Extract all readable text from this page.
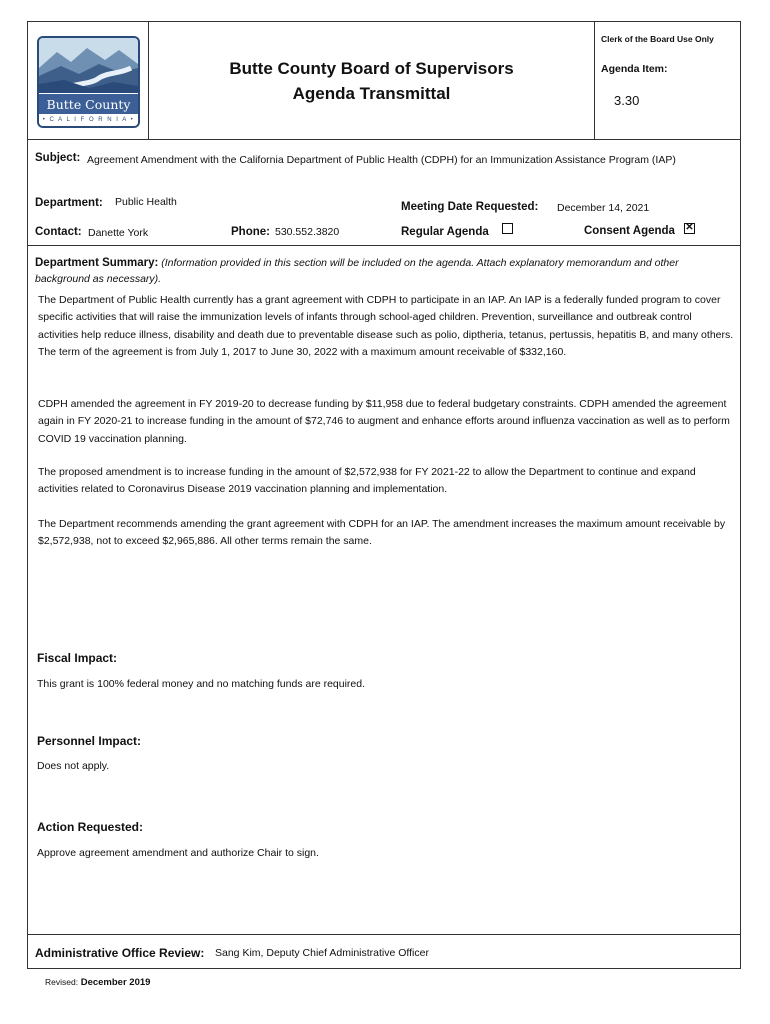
Butte County
• C A L I F O R N I A •
Butte County Board of Supervisors
Agenda Transmittal
Clerk of the Board Use Only
Agenda Item:
3.30
Subject: Agreement Amendment with the California Department of Public Health (CDPH) for an Immunization Assistance Program (IAP)
Department: Public Health	Meeting Date Requested: December 14, 2021
Contact: Danette York	Phone: 530.552.3820	Regular Agenda	Consent Agenda ✕
Department Summary: (Information provided in this section will be included on the agenda. Attach explanatory memorandum and other background as necessary).
The Department of Public Health currently has a grant agreement with CDPH to participate in an IAP. An IAP is a federally funded program to cover specific activities that will raise the immunization levels of infants through school-aged children. Prevention, surveillance and outbreak control activities help reduce illness, disability and death due to preventable disease such as polio, diptheria, tetanus, pertussis, hepatitis B, and many others. The term of the agreement is from July 1, 2017 to June 30, 2022 with a maximum amount receivable of $332,160.
CDPH amended the agreement in FY 2019-20 to decrease funding by $11,958 due to federal budgetary constraints. CDPH amended the agreement again in FY 2020-21 to increase funding in the amount of $72,746 to augment and enhance efforts around influenza vaccination as well as to perform COVID 19 vaccination planning.
The proposed amendment is to increase funding in the amount of $2,572,938 for FY 2021-22 to allow the Department to continue and expand activities related to Coronavirus Disease 2019 vaccination planning and implementation.
The Department recommends amending the grant agreement with CDPH for an IAP. The amendment increases the maximum amount receivable by $2,572,938, not to exceed $2,965,886. All other terms remain the same.
Fiscal Impact:
This grant is 100% federal money and no matching funds are required.
Personnel Impact:
Does not apply.
Action Requested:
Approve agreement amendment and authorize Chair to sign.
Administrative Office Review: Sang Kim, Deputy Chief Administrative Officer
Revised: December 2019
